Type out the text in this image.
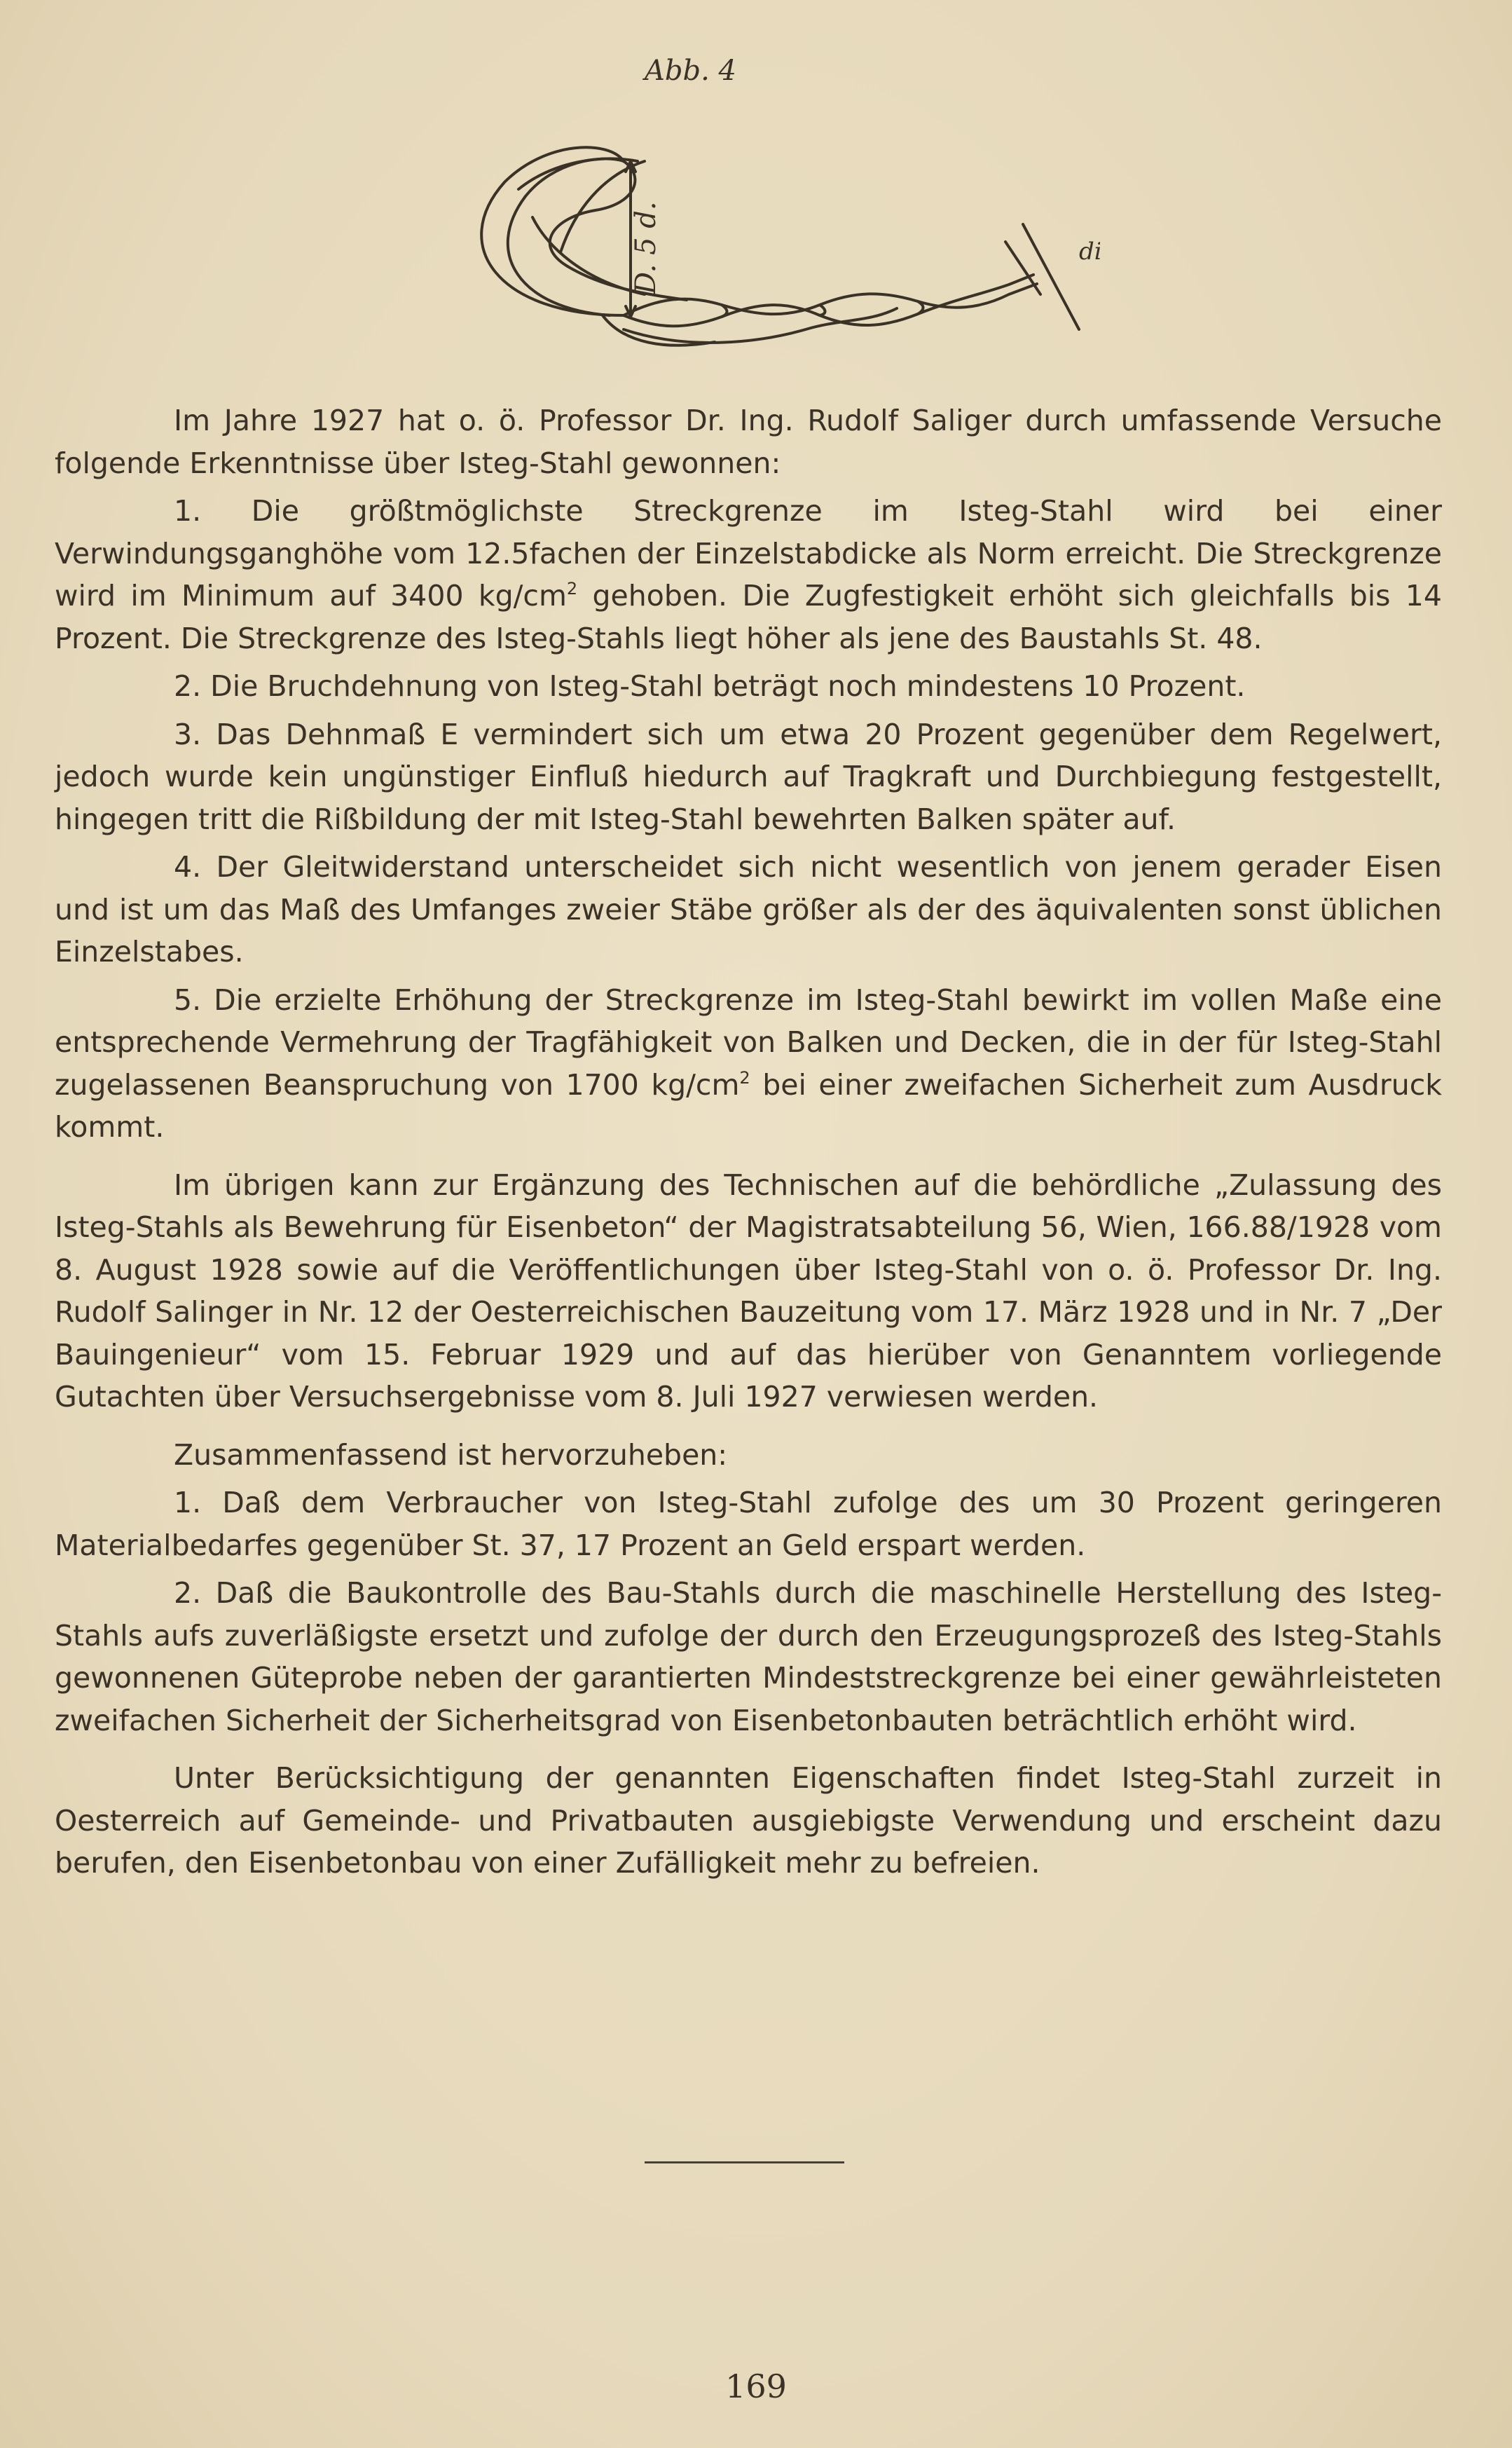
Abb. 4
D. 5 d.	di

Im Jahre 1927 hat o. ö. Professor Dr. Ing. Rudolf Saliger durch umfassende Versuche folgende Erkenntnisse über Isteg-Stahl gewonnen:

1. Die größtmöglichste Streckgrenze im Isteg-Stahl wird bei einer Verwindungsganghöhe vom 12.5fachen der Einzelstabdicke als Norm erreicht. Die Streckgrenze wird im Minimum auf 3400 $kg/cm^2$ gehoben. Die Zugfestigkeit erhöht sich gleichfalls bis 14 Prozent. Die Streckgrenze des Isteg-Stahls liegt höher als jene des Baustahls St. 48.

2. Die Bruchdehnung von Isteg-Stahl beträgt noch mindestens 10 Prozent.

3. Das Dehnmaß E vermindert sich um etwa 20 Prozent gegenüber dem Regelwert, jedoch wurde kein ungünstiger Einfluß hiedurch auf Tragkraft und Durchbiegung festgestellt, hingegen tritt die Rißbildung der mit Isteg-Stahl bewehrten Balken später auf.

4. Der Gleitwiderstand unterscheidet sich nicht wesentlich von jenem gerader Eisen und ist um das Maß des Umfanges zweier Stäbe größer als der des äquivalenten sonst üblichen Einzelstabes.

5. Die erzielte Erhöhung der Streckgrenze im Isteg-Stahl bewirkt im vollen Maße eine entsprechende Vermehrung der Tragfähigkeit von Balken und Decken, die in der für Isteg-Stahl zugelassenen Beanspruchung von 1700 $kg/cm^2$ bei einer zweifachen Sicherheit zum Ausdruck kommt.

Im übrigen kann zur Ergänzung des Technischen auf die behördliche „Zulassung des Isteg-Stahls als Bewehrung für Eisenbeton“ der Magistratsabteilung 56, Wien, 166.88/1928 vom 8. August 1928 sowie auf die Veröffentlichungen über Isteg-Stahl von o. ö. Professor Dr. Ing. Rudolf Salinger in Nr. 12 der Oesterreichischen Bauzeitung vom 17. März 1928 und in Nr. 7 „Der Bauingenieur“ vom 15. Februar 1929 und auf das hierüber von Genanntem vorliegende Gutachten über Versuchsergebnisse vom 8. Juli 1927 verwiesen werden.

Zusammenfassend ist hervorzuheben:

1. Daß dem Verbraucher von Isteg-Stahl zufolge des um 30 Prozent geringeren Materialbedarfes gegenüber St. 37, 17 Prozent an Geld erspart werden.

2. Daß die Baukontrolle des Bau-Stahls durch die maschinelle Herstellung des Isteg-Stahls aufs zuverläßigste ersetzt und zufolge der durch den Erzeugungsprozeß des Isteg-Stahls gewonnenen Güteprobe neben der garantierten Mindeststreckgrenze bei einer gewährleisteten zweifachen Sicherheit der Sicherheitsgrad von Eisenbetonbauten beträchtlich erhöht wird.

Unter Berücksichtigung der genannten Eigenschaften findet Isteg-Stahl zurzeit in Oesterreich auf Gemeinde- und Privatbauten ausgiebigste Verwendung und erscheint dazu berufen, den Eisenbetonbau von einer Zufälligkeit mehr zu befreien.

169
